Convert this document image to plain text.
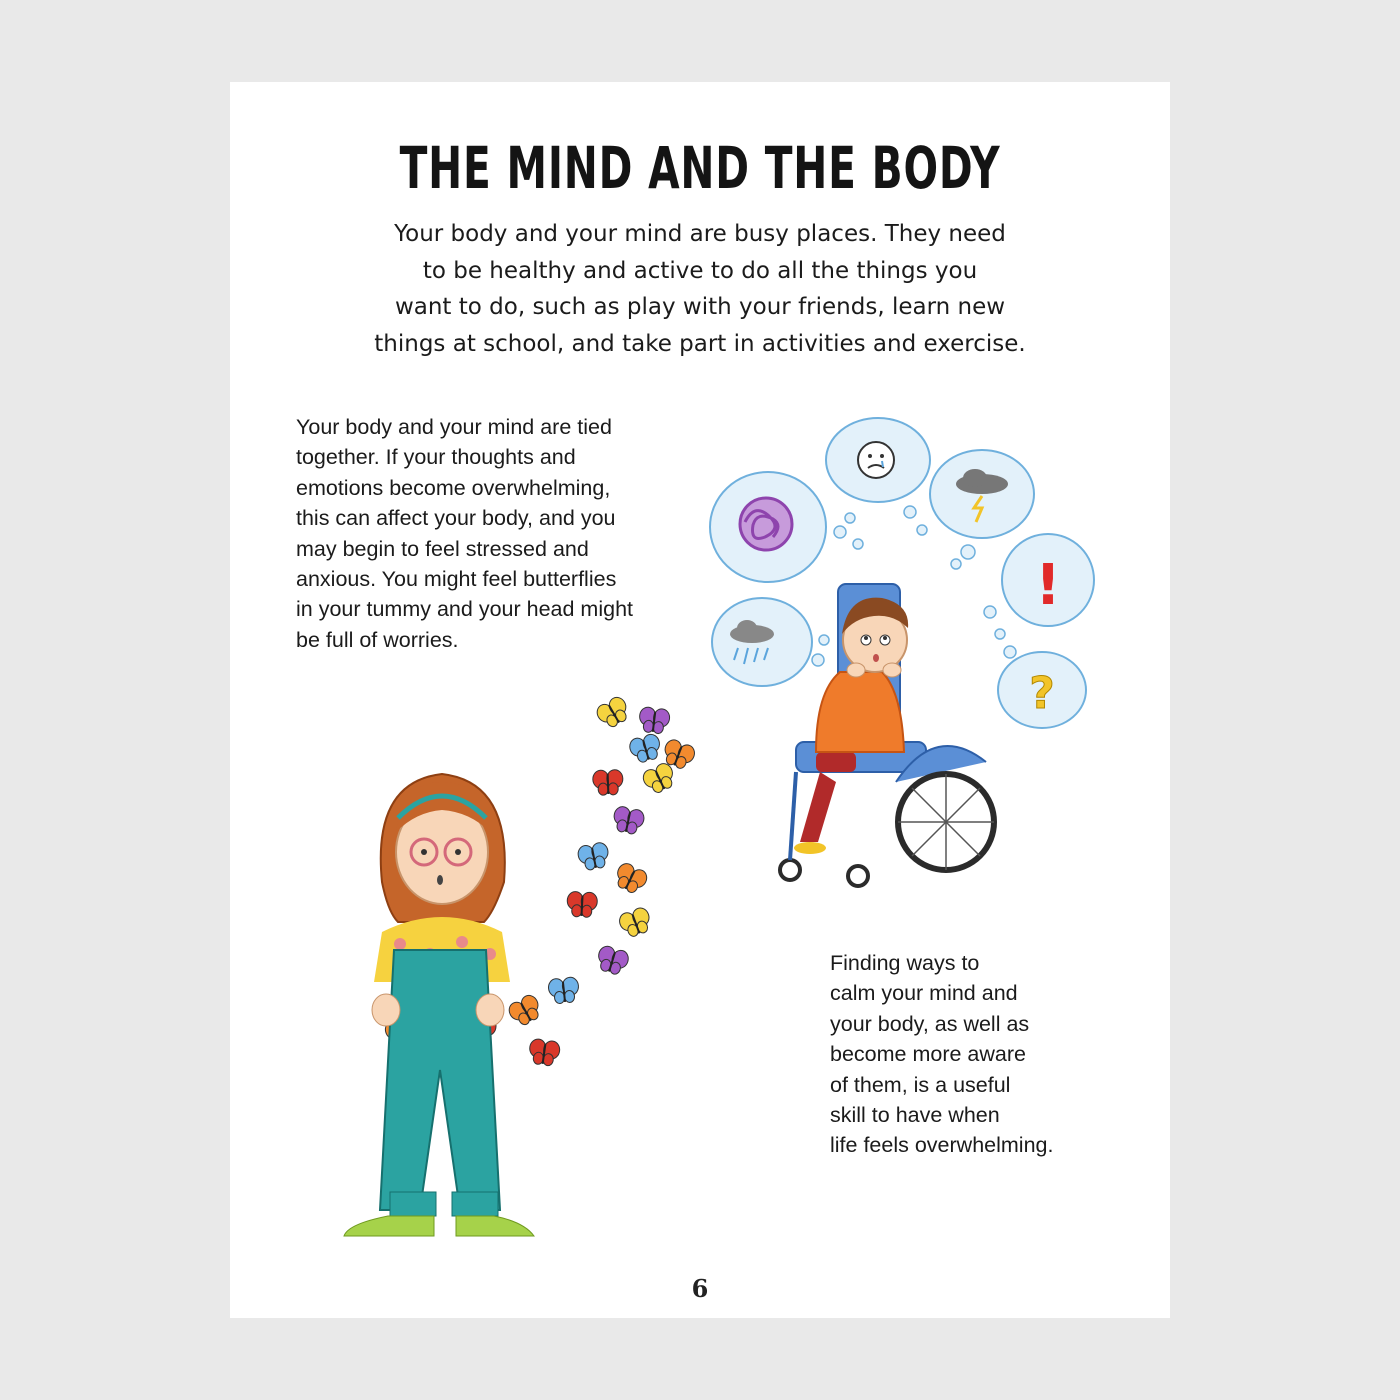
THE MIND AND THE BODY
Your body and your mind are busy places. They need
to be healthy and active to do all the things you
want to do, such as play with your friends, learn new
things at school, and take part in activities and exercise.
Your body and your mind are tied
together. If your thoughts and
emotions become overwhelming,
this can affect your body, and you
may begin to feel stressed and
anxious. You might feel butterflies
in your tummy and your head might
be full of worries.
!
?
Finding ways to
calm your mind and
your body, as well as
become more aware
of them, is a useful
skill to have when
life feels overwhelming.
6
